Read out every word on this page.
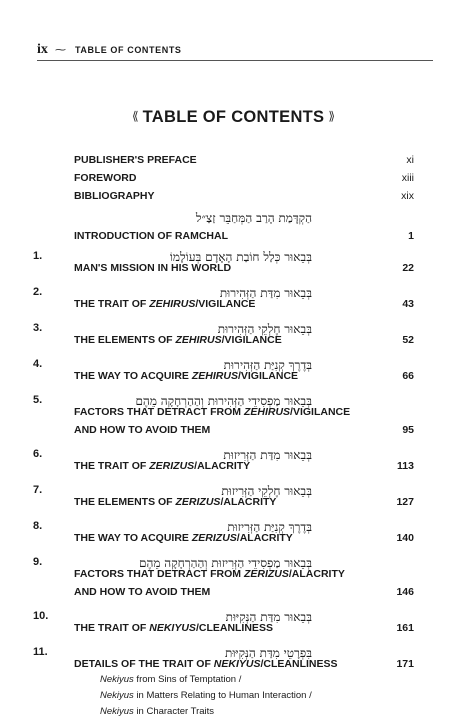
ix ⁓ TABLE OF CONTENTS
⟪ TABLE OF CONTENTS ⟫
PUBLISHER'S PREFACE	xi
FOREWORD	xiii
BIBLIOGRAPHY	xix
הַקְדָּמַת הָרַב הַמְּחַבֵּר זַצַ״ל
INTRODUCTION OF RAMCHAL	1
1.	בְּבֵאוּר כְּלַל חוֹבַת הָאָדָם בְּעוֹלָמוֹ
MAN'S MISSION IN HIS WORLD	22
2.	בְּבֵאוּר מִדַּת הַזְּהִירוּת
THE TRAIT OF ZEHIRUS/VIGILANCE	43
3.	בְּבֵאוּר חֶלְקֵי הַזְּהִירוּת
THE ELEMENTS OF ZEHIRUS/VIGILANCE	52
4.	בְּדֶרֶךְ קְנִיַּת הַזְּהִירוּת
THE WAY TO ACQUIRE ZEHIRUS/VIGILANCE	66
5.	בְּבֵאוּר מַפְסִידֵי הַזְּהִירוּת וְהַהַרְחָקָה מֵהֶם
FACTORS THAT DETRACT FROM ZEHIRUS/VIGILANCE
AND HOW TO AVOID THEM	95
6.	בְּבֵאוּר מִדַּת הַזְּרִיזוּת
THE TRAIT OF ZERIZUS/ALACRITY	113
7.	בְּבֵאוּר חֶלְקֵי הַזְּרִיזוּת
THE ELEMENTS OF ZERIZUS/ALACRITY	127
8.	בְּדֶרֶךְ קְנִיַּת הַזְּרִיזוּת
THE WAY TO ACQUIRE ZERIZUS/ALACRITY	140
9.	בְּבֵאוּר מַפְסִידֵי הַזְּרִיזוּת וְהַהַרְחָקָה מֵהֶם
FACTORS THAT DETRACT FROM ZERIZUS/ALACRITY
AND HOW TO AVOID THEM	146
10.	בְּבֵאוּר מִדַּת הַנְּקִיּוּת
THE TRAIT OF NEKIYUS/CLEANLINESS	161
11.	בִּפְרָטֵי מִדַּת הַנְּקִיּוּת
DETAILS OF THE TRAIT OF NEKIYUS/CLEANLINESS	171
Nekiyus from Sins of Temptation /
Nekiyus in Matters Relating to Human Interaction /
Nekiyus in Character Traits
